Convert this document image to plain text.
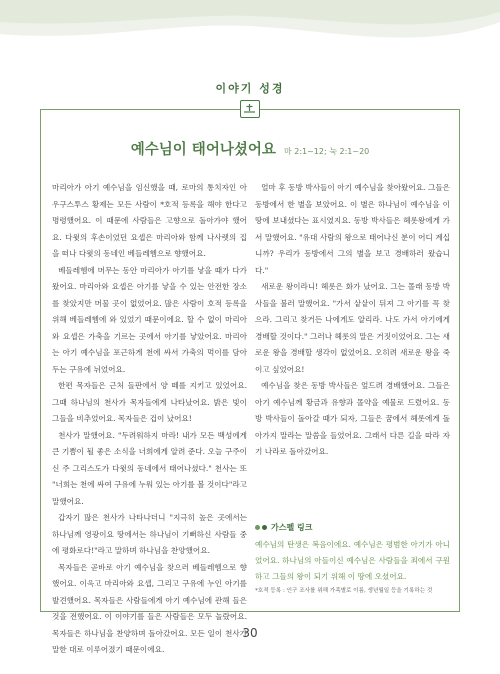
이야기 성경
예수님이 태어나셨어요 마 2:1~12; 눅 2:1~20

마리아가 아기 예수님을 임신했을 때, 로마의 통치자인 아우구스투스 황제는 모든 사람이 *호적 등록을 해야 한다고 명령했어요. 이 때문에 사람들은 고향으로 돌아가야 했어요. 다윗의 후손이었던 요셉은 마리아와 함께 나사렛의 집을 떠나 다윗의 동네인 베들레헴으로 향했어요.

베들레헴에 머무는 동안 마리아가 아기를 낳을 때가 다가왔어요. 마리아와 요셉은 아기를 낳을 수 있는 안전한 장소를 찾았지만 머물 곳이 없었어요. 많은 사람이 호적 등록을 위해 베들레헴에 와 있었기 때문이에요. 할 수 없이 마리아와 요셉은 가축을 기르는 곳에서 아기를 낳았어요. 마리아는 아기 예수님을 포근하게 천에 싸서 가축의 먹이를 담아 두는 구유에 뉘었어요.

한편 목자들은 근처 들판에서 양 떼를 지키고 있었어요. 그때 하나님의 천사가 목자들에게 나타났어요. 밝은 빛이 그들을 비추었어요. 목자들은 겁이 났어요!

천사가 말했어요. "두려워하지 마라! 내가 모든 백성에게 큰 기쁨이 될 좋은 소식을 너희에게 알려 준다. 오늘 구주이신 주 그리스도가 다윗의 동네에서 태어나셨다." 천사는 또 "너희는 천에 싸여 구유에 누워 있는 아기를 볼 것이다"라고 말했어요.

갑자기 많은 천사가 나타나더니 "지극히 높은 곳에서는 하나님께 영광이요 땅에서는 하나님이 기뻐하신 사람들 중에 평화로다!"라고 말하며 하나님을 찬양했어요.

목자들은 곧바로 아기 예수님을 찾으러 베들레헴으로 향했어요. 이윽고 마리아와 요셉, 그리고 구유에 누인 아기를 발견했어요. 목자들은 사람들에게 아기 예수님에 관해 들은 것을 전했어요. 이 이야기를 들은 사람들은 모두 놀랐어요. 목자들은 하나님을 찬양하며 돌아갔어요. 모든 일이 천사가 말한 대로 이루어졌기 때문이에요.

얼마 후 동방 박사들이 아기 예수님을 찾아왔어요. 그들은 동방에서 한 별을 보았어요. 이 별은 하나님이 예수님을 이 땅에 보내셨다는 표시였지요. 동방 박사들은 헤롯왕에게 가서 말했어요. "유대 사람의 왕으로 태어나신 분이 어디 계십니까? 우리가 동방에서 그의 별을 보고 경배하러 왔습니다."

새로운 왕이라니! 헤롯은 화가 났어요. 그는 몰래 동방 박사들을 불러 말했어요. "가서 샅샅이 뒤져 그 아기를 꼭 찾으라. 그리고 찾거든 나에게도 알리라. 나도 가서 아기에게 경배할 것이다." 그러나 헤롯의 말은 거짓이었어요. 그는 새로운 왕을 경배할 생각이 없었어요. 오히려 새로운 왕을 죽이고 싶었어요!

예수님을 찾은 동방 박사들은 엎드려 경배했어요. 그들은 아기 예수님께 황금과 유향과 몰약을 예물로 드렸어요. 동방 박사들이 돌아갈 때가 되자, 그들은 꿈에서 헤롯에게 돌아가지 말라는 말씀을 들었어요. 그래서 다른 길을 따라 자기 나라로 돌아갔어요.

가스펠 링크
예수님의 탄생은 복음이에요. 예수님은 평범한 아기가 아니었어요. 하나님의 아들이신 예수님은 사람들을 죄에서 구원하고 그들의 왕이 되기 위해 이 땅에 오셨어요.
*호적 등록 : 인구 조사를 위해 가족별로 이름, 생년월일 등을 기록하는 것
30
